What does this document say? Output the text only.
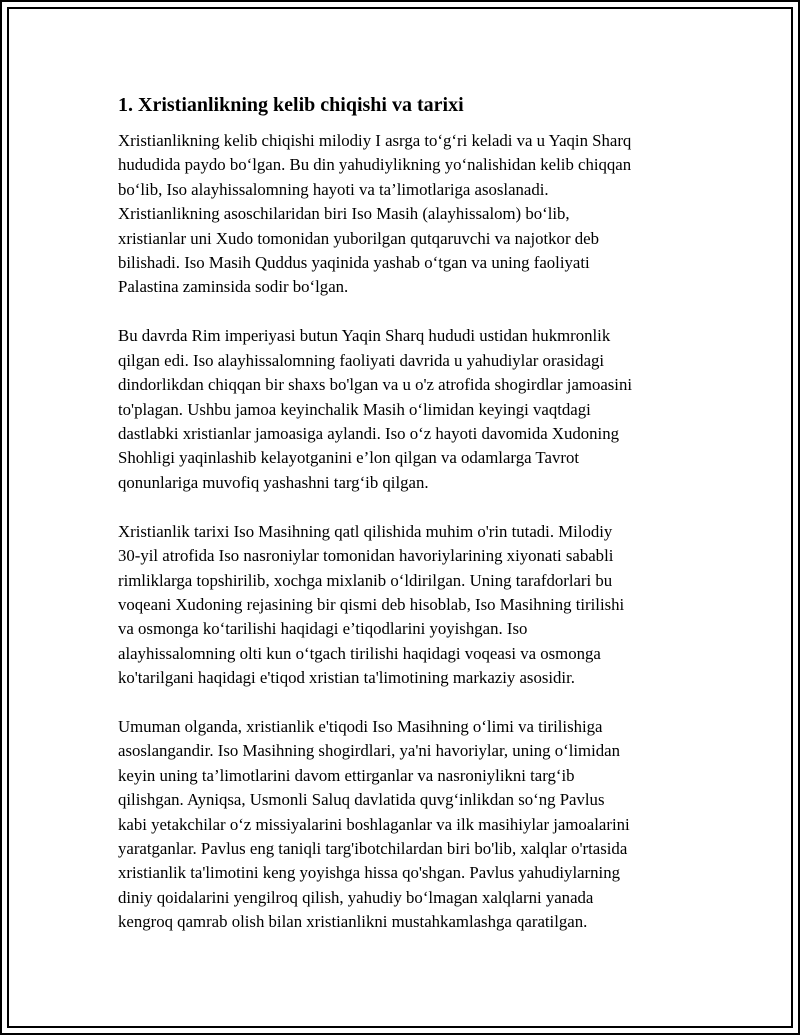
1. Xristianlikning kelib chiqishi va tarixi
Xristianlikning kelib chiqishi milodiy I asrga to‘g‘ri keladi va u Yaqin Sharq
hududida paydo bo‘lgan. Bu din yahudiylikning yo‘nalishidan kelib chiqqan
bo‘lib, Iso alayhissalomning hayoti va ta’limotlariga asoslanadi.
Xristianlikning asoschilaridan biri Iso Masih (alayhissalom) bo‘lib,
xristianlar uni Xudo tomonidan yuborilgan qutqaruvchi va najotkor deb
bilishadi. Iso Masih Quddus yaqinida yashab o‘tgan va uning faoliyati
Palastina zaminsida sodir bo‘lgan.
Bu davrda Rim imperiyasi butun Yaqin Sharq hududi ustidan hukmronlik
qilgan edi. Iso alayhissalomning faoliyati davrida u yahudiylar orasidagi
dindorlikdan chiqqan bir shaxs bo'lgan va u o'z atrofida shogirdlar jamoasini
to'plagan. Ushbu jamoa keyinchalik Masih o‘limidan keyingi vaqtdagi
dastlabki xristianlar jamoasiga aylandi. Iso o‘z hayoti davomida Xudoning
Shohligi yaqinlashib kelayotganini e’lon qilgan va odamlarga Tavrot
qonunlariga muvofiq yashashni targ‘ib qilgan.
Xristianlik tarixi Iso Masihning qatl qilishida muhim o'rin tutadi. Milodiy
30-yil atrofida Iso nasroniylar tomonidan havoriylarining xiyonati sababli
rimliklarga topshirilib, xochga mixlanib o‘ldirilgan. Uning tarafdorlari bu
voqeani Xudoning rejasining bir qismi deb hisoblab, Iso Masihning tirilishi
va osmonga ko‘tarilishi haqidagi e’tiqodlarini yoyishgan. Iso
alayhissalomning olti kun o‘tgach tirilishi haqidagi voqeasi va osmonga
ko'tarilgani haqidagi e'tiqod xristian ta'limotining markaziy asosidir.
Umuman olganda, xristianlik e'tiqodi Iso Masihning o‘limi va tirilishiga
asoslangandir. Iso Masihning shogirdlari, ya'ni havoriylar, uning o‘limidan
keyin uning ta’limotlarini davom ettirganlar va nasroniylikni targ‘ib
qilishgan. Ayniqsa, Usmonli Saluq davlatida quvg‘inlikdan so‘ng Pavlus
kabi yetakchilar o‘z missiyalarini boshlaganlar va ilk masihiylar jamoalarini
yaratganlar. Pavlus eng taniqli targ'ibotchilardan biri bo'lib, xalqlar o'rtasida
xristianlik ta'limotini keng yoyishga hissa qo'shgan. Pavlus yahudiylarning
diniy qoidalarini yengilroq qilish, yahudiy bo‘lmagan xalqlarni yanada
kengroq qamrab olish bilan xristianlikni mustahkamlashga qaratilgan.
